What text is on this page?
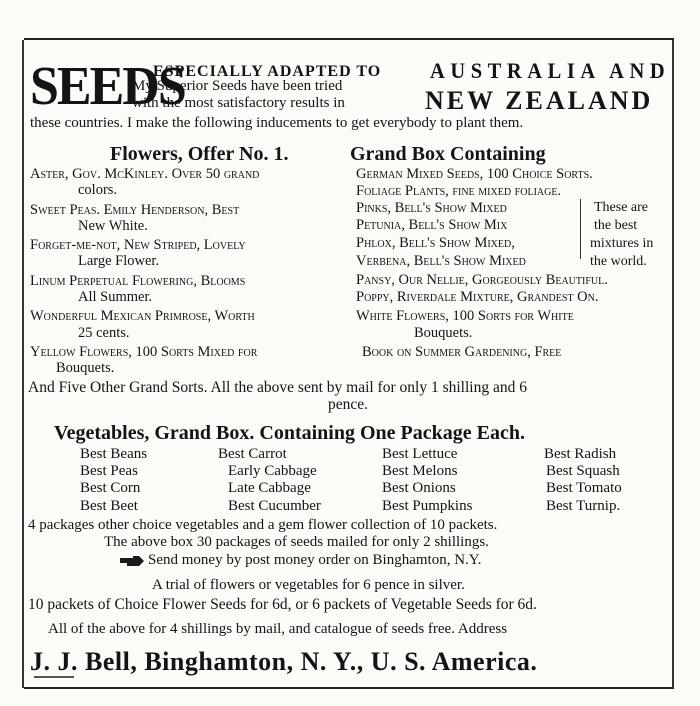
SEEDS
ESPECIALLY ADAPTED TO AUSTRALIA AND
NEW ZEALAND
My Superior Seeds have been tried
with the most satisfactory results in
these countries. I make the following inducements to get everybody to plant them.
Flowers, Offer No. 1.	Grand Box Containing
Aster, Gov. McKinley. Over 50 grand
colors.
Sweet Peas. Emily Henderson, Best
New White.
Forget-me-not, New Striped, Lovely
Large Flower.
Linum Perpetual Flowering, Blooms
All Summer.
Wonderful Mexican Primrose, Worth
25 cents.
Yellow Flowers, 100 Sorts Mixed for
Bouquets.
German Mixed Seeds, 100 Choice Sorts.
Foliage Plants, fine mixed foliage.
Pinks, Bell's Show Mixed
Petunia, Bell's Show Mix
Phlox, Bell's Show Mixed,
Verbena, Bell's Show Mixed
These are
the best
mixtures in
the world.
Pansy, Our Nellie, Gorgeously Beautiful.
Poppy, Riverdale Mixture, Grandest On.
White Flowers, 100 Sorts for White
Bouquets.
Book on Summer Gardening, Free
And Five Other Grand Sorts. All the above sent by mail for only 1 shilling and 6
pence.
Vegetables, Grand Box. Containing One Package Each.
Best Beans
Best Peas
Best Corn
Best Beet
Best Carrot
Early Cabbage
Late Cabbage
Best Cucumber
Best Lettuce
Best Melons
Best Onions
Best Pumpkins
Best Radish
Best Squash
Best Tomato
Best Turnip.
4 packages other choice vegetables and a gem flower collection of 10 packets.
The above box 30 packages of seeds mailed for only 2 shillings.
Send money by post money order on Binghamton, N.Y.
A trial of flowers or vegetables for 6 pence in silver.
10 packets of Choice Flower Seeds for 6d, or 6 packets of Vegetable Seeds for 6d.
All of the above for 4 shillings by mail, and catalogue of seeds free. Address
J. J. Bell, Binghamton, N. Y., U. S. America.
